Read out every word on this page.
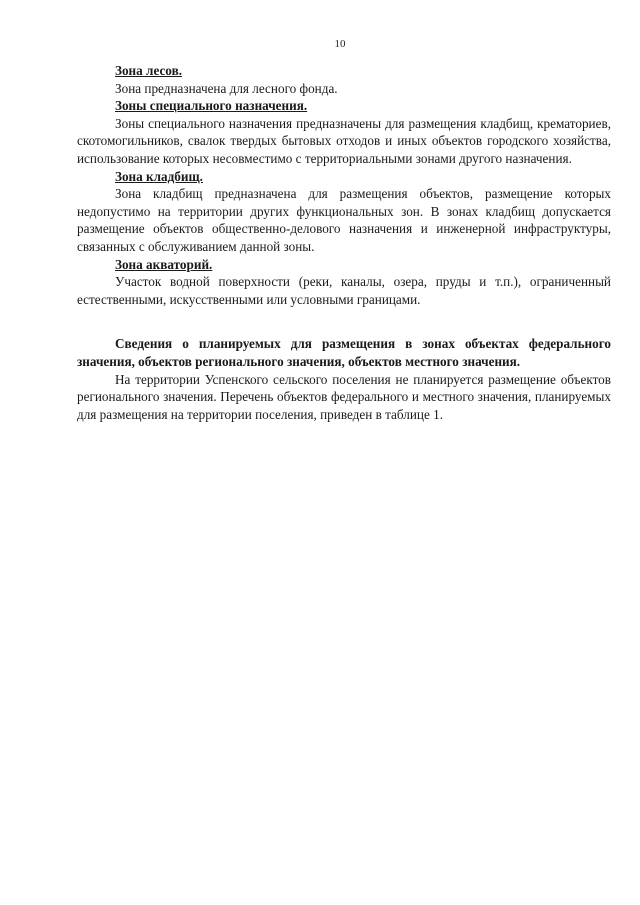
10

Зона лесов.

Зона предназначена для лесного фонда.

Зоны специального назначения.

Зоны специального назначения предназначены для размещения кладбищ, крематориев, скотомогильников, свалок твердых бытовых отходов и иных объектов городского хозяйства, использование которых несовместимо с территориальными зонами другого назначения.

Зона кладбищ.

Зона кладбищ предназначена для размещения объектов, размещение которых недопустимо на территории других функциональных зон. В зонах кладбищ допускается размещение объектов общественно-делового назначения и инженерной инфраструктуры, связанных с обслуживанием данной зоны.

Зона акваторий.

Участок водной поверхности (реки, каналы, озера, пруды и т.п.), ограниченный естественными, искусственными или условными границами.

Сведения о планируемых для размещения в зонах объектах федерального значения, объектов регионального значения, объектов местного значения.

На территории Успенского сельского поселения не планируется размещение объектов регионального значения. Перечень объектов федерального и местного значения, планируемых для размещения на территории поселения, приведен в таблице 1.
